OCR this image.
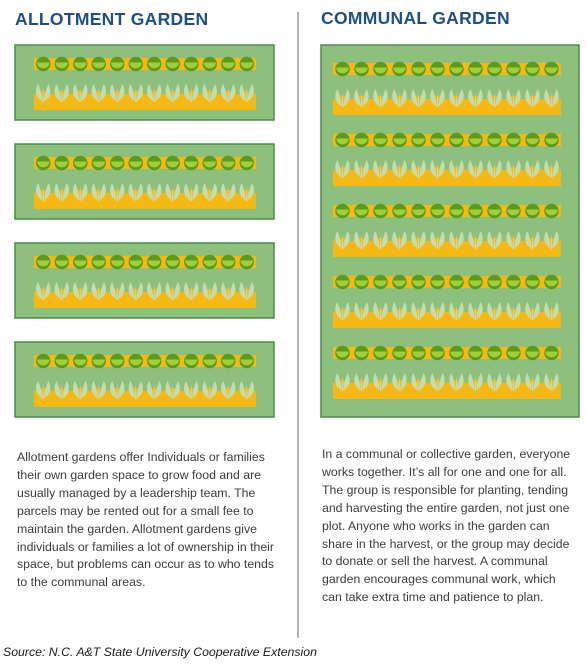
ALLOTMENT GARDEN	COMMUNAL GARDEN

Allotment gardens offer Individuals or families their own garden space to grow food and are usually managed by a leadership team. The parcels may be rented out for a small fee to maintain the garden. Allotment gardens give individuals or families a lot of ownership in their space, but problems can occur as to who tends to the communal areas.

In a communal or collective garden, everyone works together. It’s all for one and one for all. The group is responsible for planting, tending and harvesting the entire garden, not just one plot. Anyone who works in the garden can share in the harvest, or the group may decide to donate or sell the harvest. A communal garden encourages communal work, which can take extra time and patience to plan.

Source: N.C. A&T State University Cooperative Extension
